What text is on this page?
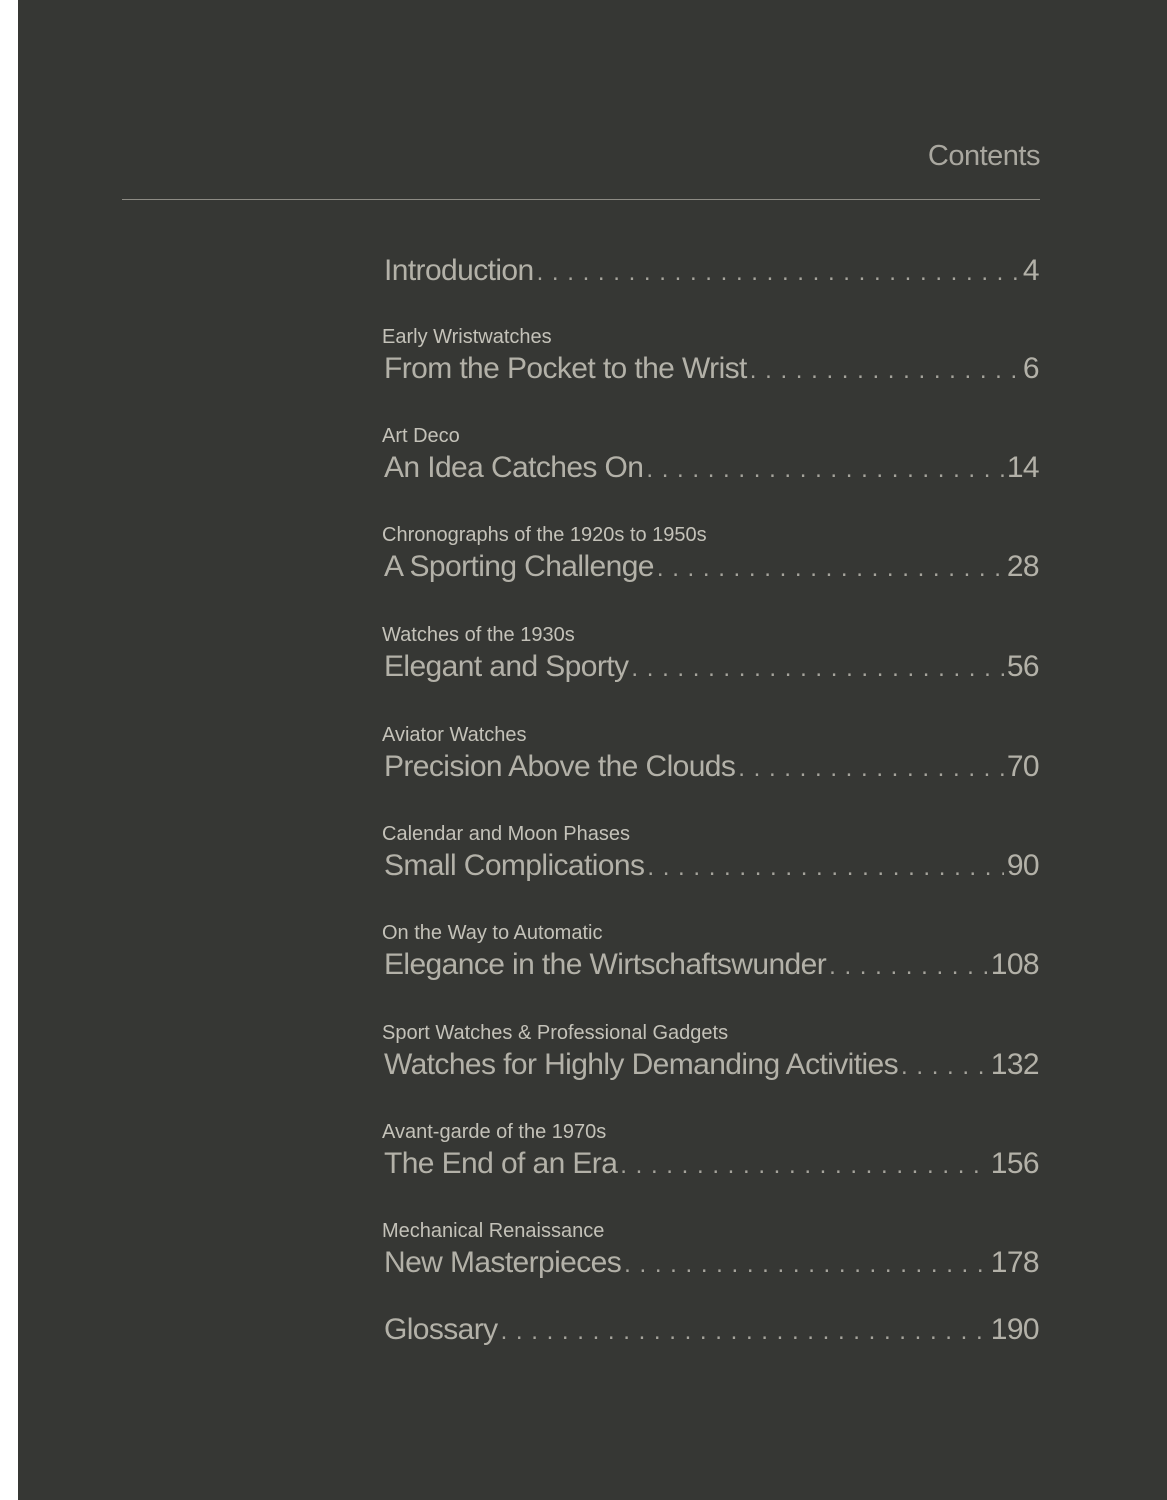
Contents
Introduction . . .	4
Early Wristwatches
From the Pocket to the Wrist . . .	6
Art Deco
An Idea Catches On . . .	14
Chronographs of the 1920s to 1950s
A Sporting Challenge . . .	28
Watches of the 1930s
Elegant and Sporty . . .	56
Aviator Watches
Precision Above the Clouds . . .	70
Calendar and Moon Phases
Small Complications . . .	90
On the Way to Automatic
Elegance in the Wirtschaftswunder . . .	108
Sport Watches & Professional Gadgets
Watches for Highly Demanding Activities . . .	132
Avant-garde of the 1970s
The End of an Era . . .	156
Mechanical Renaissance
New Masterpieces . . .	178
Glossary . . .	190
